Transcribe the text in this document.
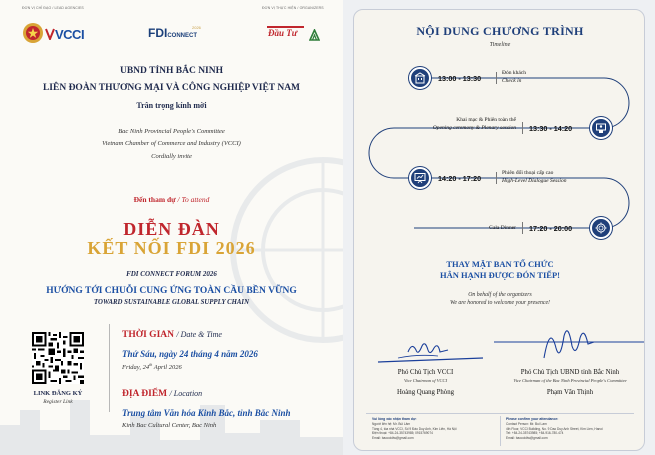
ĐƠN VỊ CHỈ ĐẠO / LEAD AGENCIES
VCCI	FDICONNECT
2026
ĐƠN VỊ THỰC HIỆN / ORGANIZERS
Đầu Tư
UBND TỈNH BẮC NINH
LIÊN ĐOÀN THƯƠNG MẠI VÀ CÔNG NGHIỆP VIỆT NAM
Trân trọng kính mời
Bac Ninh Provincial People's Committee
Vietnam Chamber of Commerce and Industry (VCCI)
Cordially invite
Đến tham dự / To attend
DIỄN ĐÀN
KẾT NỐI FDI 2026
FDI CONNECT FORUM 2026
HƯỚNG TỚI CHUỖI CUNG ỨNG TOÀN CẦU BỀN VỮNG
TOWARD SUSTAINABLE GLOBAL SUPPLY CHAIN
LINK ĐĂNG KÝ
Register Link
THỜI GIAN / Date & Time
Thứ Sáu, ngày 24 tháng 4 năm 2026
Friday, 24th April 2026
ĐỊA ĐIỂM / Location
Trung tâm Văn hóa Kinh Bắc, tỉnh Bắc Ninh
Kinh Bac Cultural Center, Bac Ninh
NỘI DUNG CHƯƠNG TRÌNH
Timeline
13:00 - 13:30
Đón khách
Check in
Khai mạc & Phiên toàn thể
Opening ceremony & Plenary session 13:30 - 14:20
14:20 - 17:20
Phiên đối thoại cấp cao
High-Level Dialogue Session
Gala Dinner 17:20 - 20:00
THAY MẶT BAN TỔ CHỨC
HÂN HẠNH ĐƯỢC ĐÓN TIẾP!
On behalf of the organizers
We are honored to welcome your presence!
Phó Chủ Tịch VCCI
Vice Chairman of VCCI
Hoàng Quang Phòng
Phó Chủ Tịch UBND tỉnh Bắc Ninh
Vice Chairman of the Bac Ninh Provincial People's Committee
Phạm Văn Thịnh
Vui lòng xác nhận tham dự:
Người liên hệ: Mr. Bùi Lâm
Tầng 4, tòa nhà VCCI, Số 9 Đào Duy Anh, Kim Liên, Hà Nội
Điện thoại: +84-24-35743985; 0915769074
Email: baocoidiw@gmail.com
Please confirm your attendance:
Contact Person: Mr. Bui Lam
4th Floor, VCCI Building, No. 9 Dao Duy Anh Street, Kim Lien, Hanoi
Tel: +84-24-35743985; +84-916-780-474
Email: baocoidiw@gmail.com
